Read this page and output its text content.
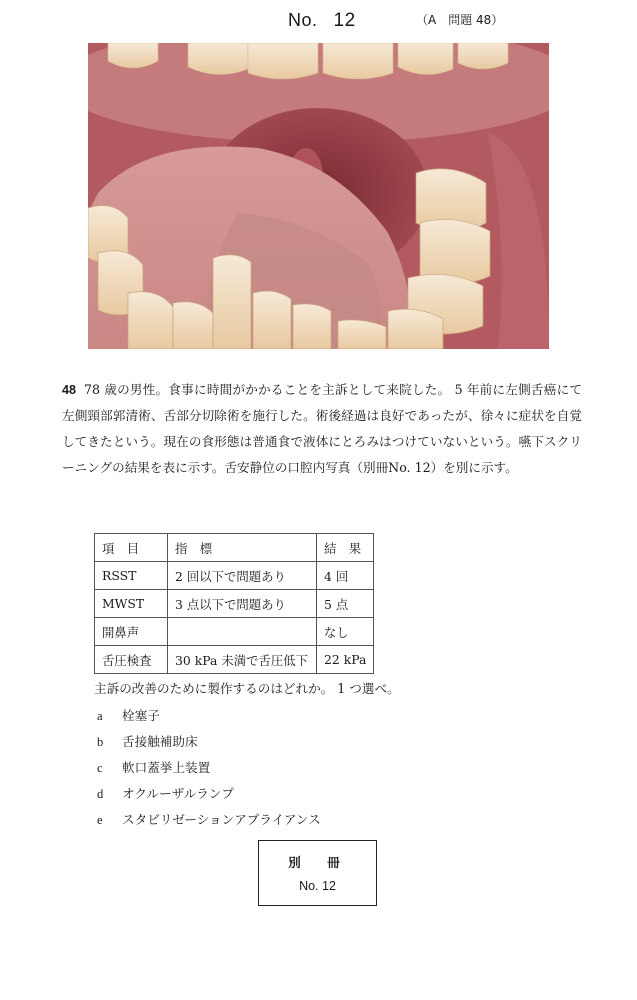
No. 12	（A　問題 48）
48 78 歳の男性。食事に時間がかかることを主訴として来院した。 5 年前に左側舌癌にて左側頸部郭清術、舌部分切除術を施行した。術後経過は良好であったが、徐々に症状を自覚してきたという。現在の食形態は普通食で液体にとろみはつけていないという。嚥下スクリーニングの結果を表に示す。舌安静位の口腔内写真（別冊No. 12）を別に示す。
項　目	指　標	結　果
RSST	2 回以下で問題あり	4 回
MWST	3 点以下で問題あり	5 点
開鼻声		なし
舌圧検査	30 kPa 未満で舌圧低下	22 kPa
主訴の改善のために製作するのはどれか。 1 つ選べ。
a 栓塞子
b 舌接触補助床
c 軟口蓋挙上装置
d オクルーザルランプ
e スタビリゼーションアプライアンス
別　冊
No. 12
